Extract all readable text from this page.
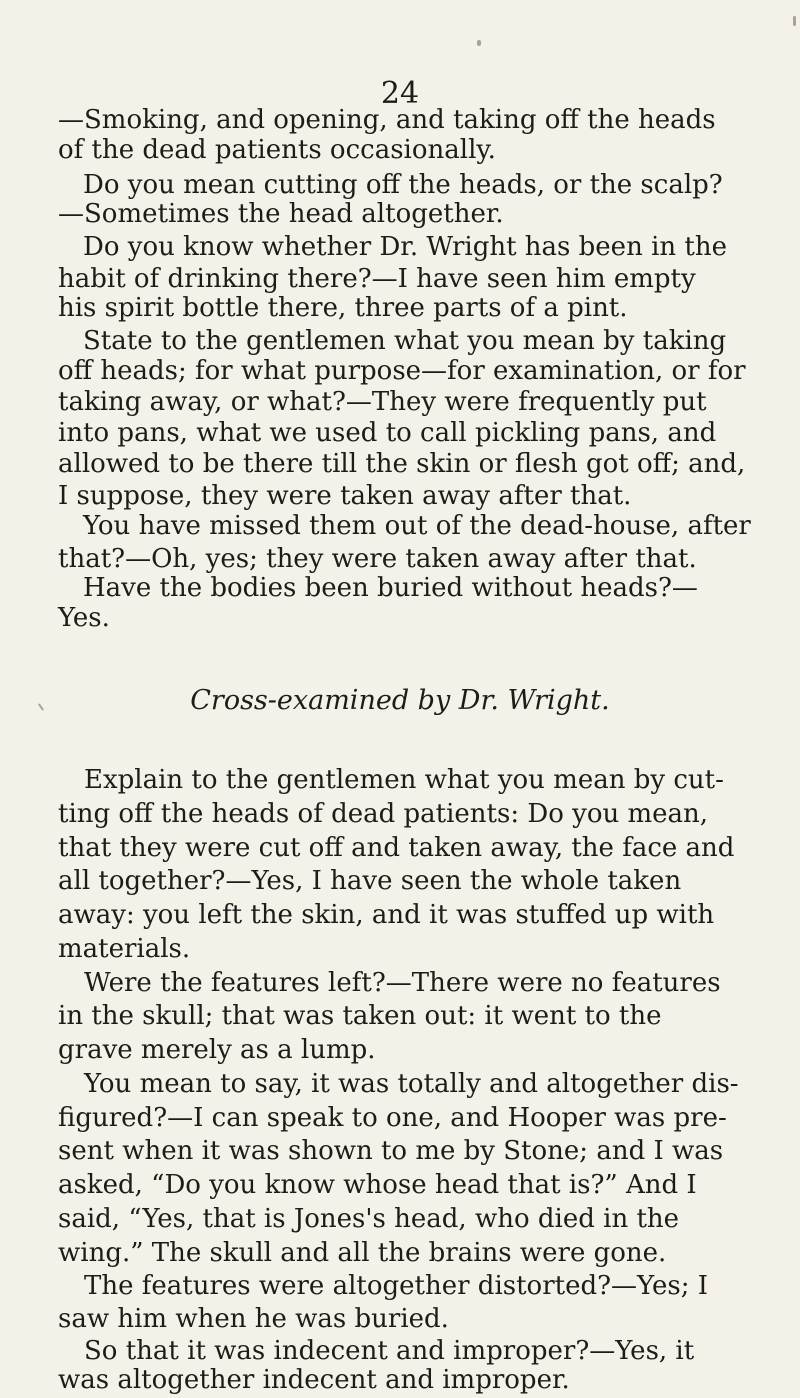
24
—Smoking, and opening, and taking off the heads
of the dead patients occasionally.
Do you mean cutting off the heads, or the scalp?
—Sometimes the head altogether.
Do you know whether Dr. Wright has been in the
habit of drinking there?—I have seen him empty
his spirit bottle there, three parts of a pint.
State to the gentlemen what you mean by taking
off heads; for what purpose—for examination, or for
taking away, or what?—They were frequently put
into pans, what we used to call pickling pans, and
allowed to be there till the skin or flesh got off; and,
I suppose, they were taken away after that.
You have missed them out of the dead-house, after
that?—Oh, yes; they were taken away after that.
Have the bodies been buried without heads?—
Yes.
Cross-examined by Dr. Wright.
Explain to the gentlemen what you mean by cut-
ting off the heads of dead patients: Do you mean,
that they were cut off and taken away, the face and
all together?—Yes, I have seen the whole taken
away: you left the skin, and it was stuffed up with
materials.
Were the features left?—There were no features
in the skull; that was taken out: it went to the
grave merely as a lump.
You mean to say, it was totally and altogether dis-
figured?—I can speak to one, and Hooper was pre-
sent when it was shown to me by Stone; and I was
asked, “Do you know whose head that is?” And I
said, “Yes, that is Jones's head, who died in the
wing.” The skull and all the brains were gone.
The features were altogether distorted?—Yes; I
saw him when he was buried.
So that it was indecent and improper?—Yes, it
was altogether indecent and improper.
